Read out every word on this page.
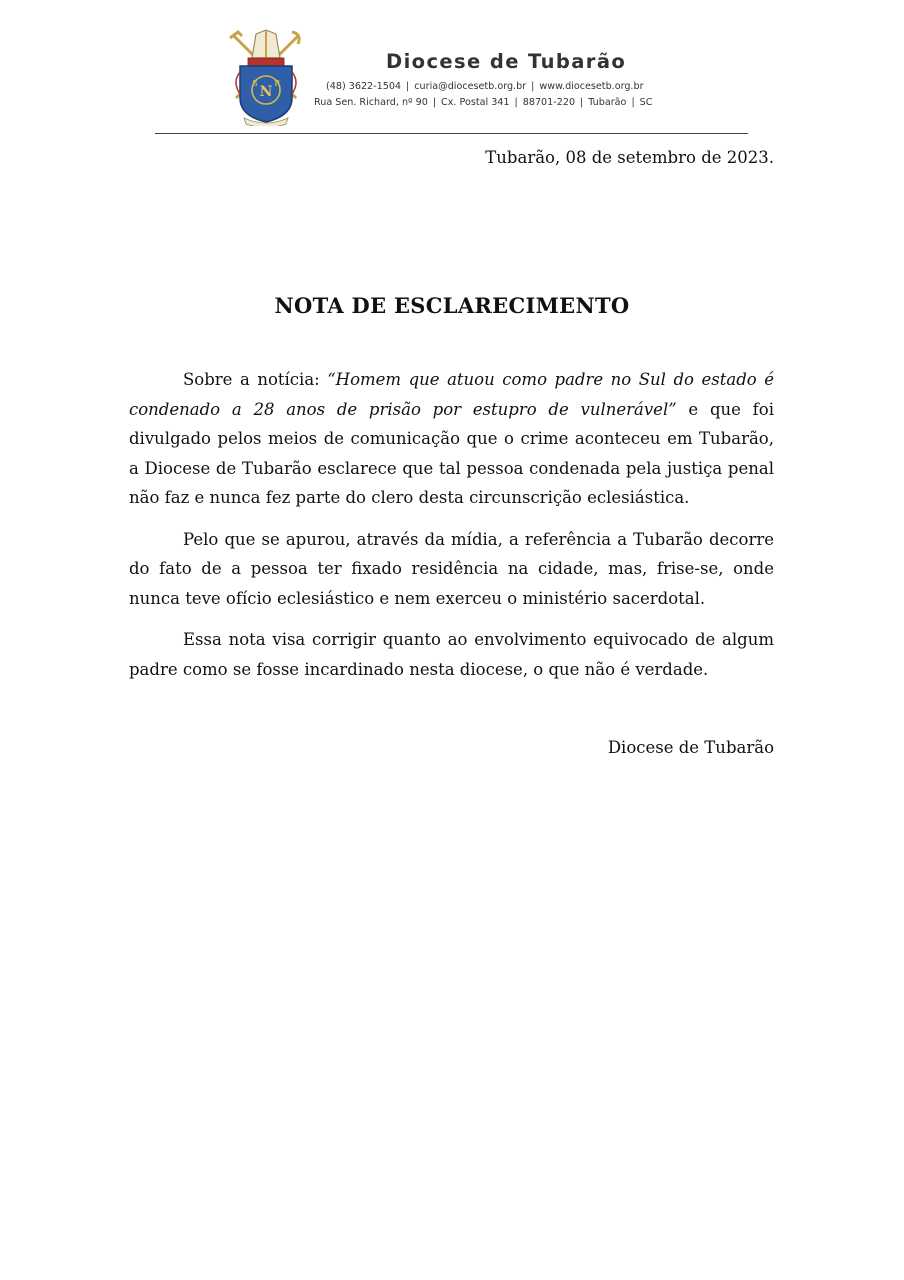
N
S P
Diocese de Tubarão
(48) 3622-1504 | curia@diocesetb.org.br | www.diocesetb.org.br
Rua Sen. Richard, nº 90 | Cx. Postal 341 | 88701-220 | Tubarão | SC
Tubarão, 08 de setembro de 2023.
NOTA DE ESCLARECIMENTO

Sobre a notícia: “Homem que atuou como padre no Sul do estado é condenado a 28 anos de prisão por estupro de vulnerável” e que foi divulgado pelos meios de comunicação que o crime aconteceu em Tubarão, a Diocese de Tubarão esclarece que tal pessoa condenada pela justiça penal não faz e nunca fez parte do clero desta circunscrição eclesiástica.

Pelo que se apurou, através da mídia, a referência a Tubarão decorre do fato de a pessoa ter fixado residência na cidade, mas, frise-se, onde nunca teve ofício eclesiástico e nem exerceu o ministério sacerdotal.

Essa nota visa corrigir quanto ao envolvimento equivocado de algum padre como se fosse incardinado nesta diocese, o que não é verdade.

Diocese de Tubarão
